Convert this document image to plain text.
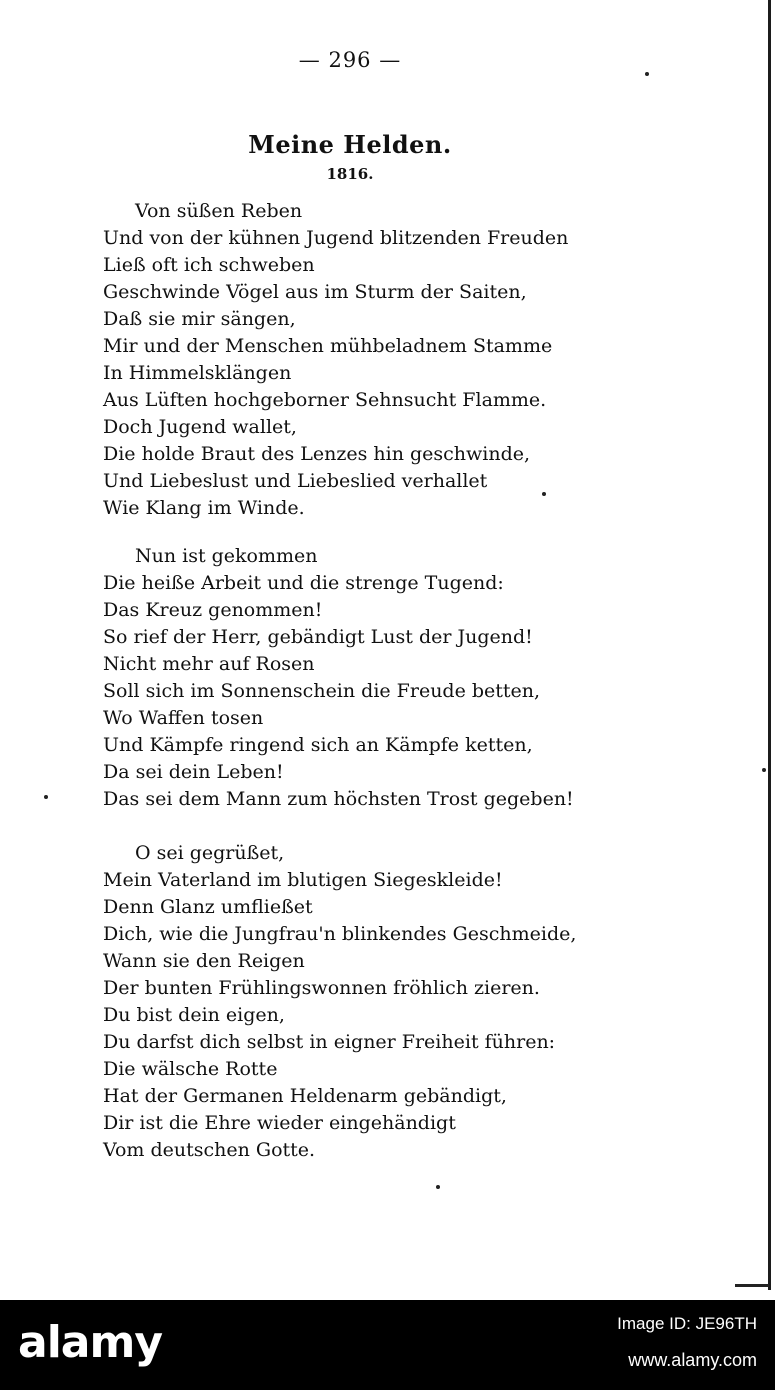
— 296 —
Meine Helden.
1816.
Von süßen Reben
Und von der kühnen Jugend blitzenden Freuden
Ließ oft ich schweben
Geschwinde Vögel aus im Sturm der Saiten,
Daß sie mir sängen,
Mir und der Menschen mühbeladnem Stamme
In Himmelsklängen
Aus Lüften hochgeborner Sehnsucht Flamme.
Doch Jugend wallet,
Die holde Braut des Lenzes hin geschwinde,
Und Liebeslust und Liebeslied verhallet
Wie Klang im Winde.
Nun ist gekommen
Die heiße Arbeit und die strenge Tugend:
Das Kreuz genommen!
So rief der Herr, gebändigt Lust der Jugend!
Nicht mehr auf Rosen
Soll sich im Sonnenschein die Freude betten,
Wo Waffen tosen
Und Kämpfe ringend sich an Kämpfe ketten,
Da sei dein Leben!
Das sei dem Mann zum höchsten Trost gegeben!
O sei gegrüßet,
Mein Vaterland im blutigen Siegeskleide!
Denn Glanz umfließet
Dich, wie die Jungfrau'n blinkendes Geschmeide,
Wann sie den Reigen
Der bunten Frühlingswonnen fröhlich zieren.
Du bist dein eigen,
Du darfst dich selbst in eigner Freiheit führen:
Die wälsche Rotte
Hat der Germanen Heldenarm gebändigt,
Dir ist die Ehre wieder eingehändigt
Vom deutschen Gotte.
alamy	Image ID: JE96TH
www.alamy.com
